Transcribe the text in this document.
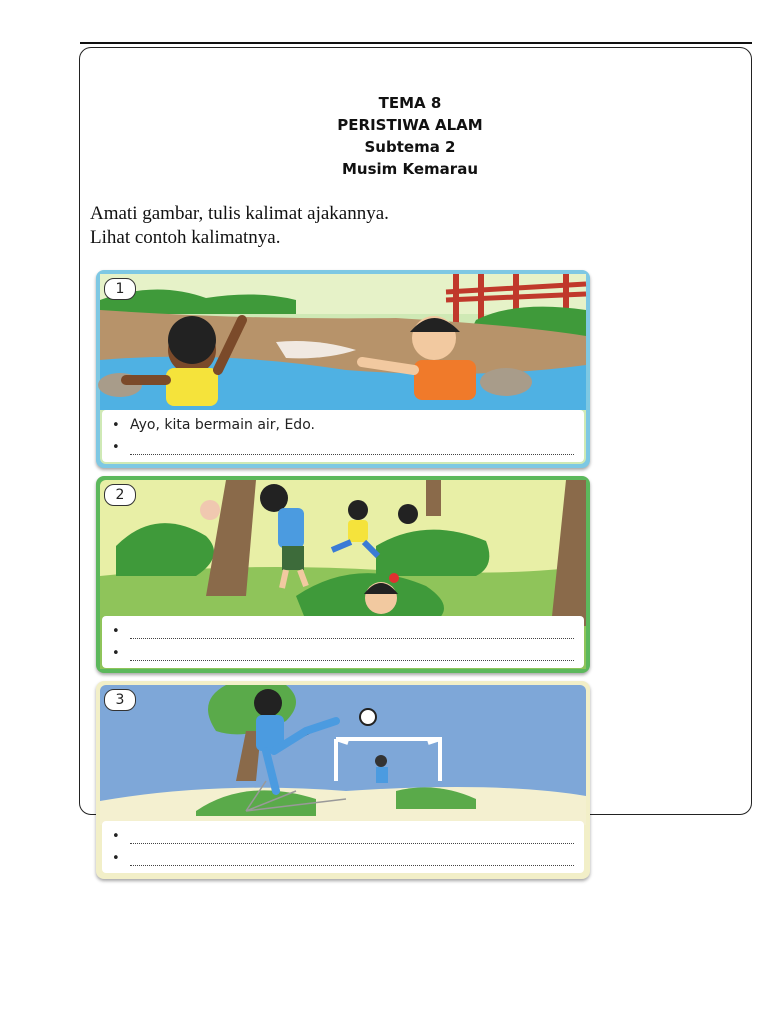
TEMA 8
PERISTIWA ALAM
Subtema 2
Musim Kemarau
Amati gambar, tulis kalimat ajakannya.
Lihat contoh kalimatnya.
1
• Ayo, kita bermain air, Edo.
•
2
•
•
3
•
•
